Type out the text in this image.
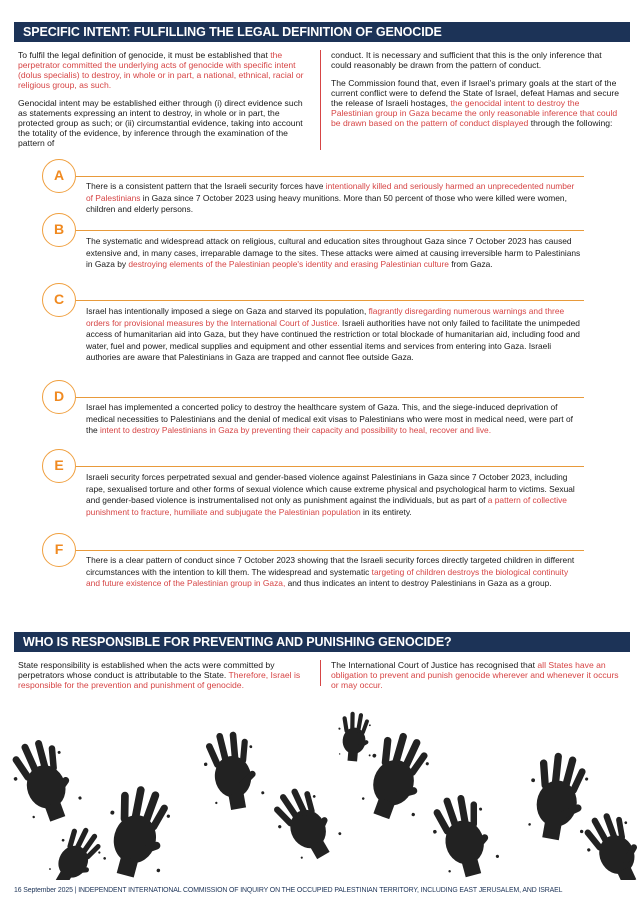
SPECIFIC INTENT: FULFILLING THE LEGAL DEFINITION OF GENOCIDE

To fulfil the legal definition of genocide, it must be established that the perpetrator committed the underlying acts of genocide with specific intent (dolus specialis) to destroy, in whole or in part, a national, ethnical, racial or religious group, as such.

Genocidal intent may be established either through (i) direct evidence such as statements expressing an intent to destroy, in whole or in part, the protected group as such; or (ii) circumstantial evidence, taking into account the totality of the evidence, by inference through the examination of the pattern of

conduct. It is necessary and sufficient that this is the only inference that could reasonably be drawn from the pattern of conduct.

The Commission found that, even if Israel's primary goals at the start of the current conflict were to defend the State of Israel, defeat Hamas and secure the release of Israeli hostages, the genocidal intent to destroy the Palestinian group in Gaza became the only reasonable inference that could be drawn based on the pattern of conduct displayed through the following:

A
There is a consistent pattern that the Israeli security forces have intentionally killed and seriously harmed an unprecedented number of Palestinians in Gaza since 7 October 2023 using heavy munitions. More than 50 percent of those who were killed were women, children and elderly persons.
B
The systematic and widespread attack on religious, cultural and education sites throughout Gaza since 7 October 2023 has caused extensive and, in many cases, irreparable damage to the sites. These attacks were aimed at causing irreversible harm to Palestinians in Gaza by destroying elements of the Palestinian people's identity and erasing Palestinian culture from Gaza.
C
Israel has intentionally imposed a siege on Gaza and starved its population, flagrantly disregarding numerous warnings and three orders for provisional measures by the International Court of Justice. Israeli authorities have not only failed to facilitate the unimpeded access of humanitarian aid into Gaza, but they have continued the restriction or total blockade of humanitarian aid, including food and water, fuel and power, medical supplies and equipment and other essential items and services from entering into Gaza. Israeli authories are aware that Palestinians in Gaza are trapped and cannot flee outside Gaza.
D
Israel has implemented a concerted policy to destroy the healthcare system of Gaza. This, and the siege-induced deprivation of medical necessities to Palestinians and the denial of medical exit visas to Palestinians who were most in medical need, were part of the intent to destroy Palestinians in Gaza by preventing their capacity and possibility to heal, recover and live.
E
Israeli security forces perpetrated sexual and gender-based violence against Palestinians in Gaza since 7 October 2023, including rape, sexualised torture and other forms of sexual violence which cause extreme physical and psychological harm to victims. Sexual and gender-based violence is instrumentalised not only as punishment against the individuals, but as part of a pattern of collective punishment to fracture, humiliate and subjugate the Palestinian population in its entirety.
F
There is a clear pattern of conduct since 7 October 2023 showing that the Israeli security forces directly targeted children in different circumstances with the intention to kill them. The widespread and systematic targeting of children destroys the biological continuity and future existence of the Palestinian group in Gaza, and thus indicates an intent to destroy Palestinians in Gaza as a group.
WHO IS RESPONSIBLE FOR PREVENTING AND PUNISHING GENOCIDE?

State responsibility is established when the acts were committed by perpetrators whose conduct is attributable to the State. Therefore, Israel is responsible for the prevention and punishment of genocide.

The International Court of Justice has recognised that all States have an obligation to prevent and punish genocide wherever and whenever it occurs or may occur.

16 September 2025 | INDEPENDENT INTERNATIONAL COMMISSION OF INQUIRY ON THE OCCUPIED PALESTINIAN TERRITORY, INCLUDING EAST JERUSALEM, AND ISRAEL
